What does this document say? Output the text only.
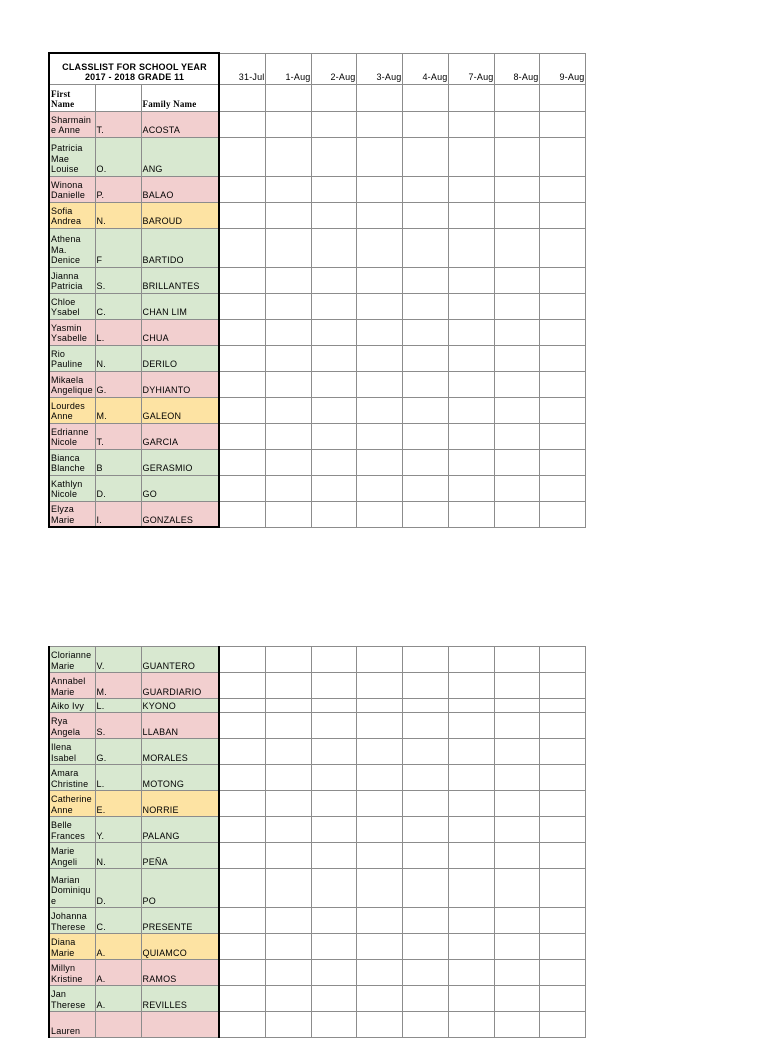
CLASSLIST FOR SCHOOL YEAR 2017 - 2018 GRADE 11			31-Jul	1-Aug	2-Aug	3-Aug	4-Aug	7-Aug	8-Aug	9-Aug
First Name		Family Name								
Sharmain e Anne	T.	ACOSTA								
Patricia Mae Louise	O.	ANG								
Winona Danielle	P.	BALAO								
Sofia Andrea	N.	BAROUD								
Athena Ma. Denice	F	BARTIDO								
Jianna Patricia	S.	BRILLANTES								
Chloe Ysabel	C.	CHAN LIM								
Yasmin Ysabelle	L.	CHUA								
Rio Pauline	N.	DERILO								
Mikaela Angelique	G.	DYHIANTO								
Lourdes Anne	M.	GALEON								
Edrianne Nicole	T.	GARCIA								
Bianca Blanche	B	GERASMIO								
Kathlyn Nicole	D.	GO								
Elyza Marie	I.	GONZALES								
Clorianne Marie	V.	GUANTERO								
Annabel Marie	M.	GUARDIARIO								
Aiko Ivy	L.	KYONO								
Rya Angela	S.	LLABAN								
Ilena Isabel	G.	MORALES								
Amara Christine	L.	MOTONG								
Catherine Anne	E.	NORRIE								
Belle Frances	Y.	PALANG								
Marie Angeli	N.	PEÑA								
Marian Dominiqu e	D.	PO								
Johanna Therese	C.	PRESENTE								
Diana Marie	A.	QUIAMCO								
Millyn Kristine	A.	RAMOS								
Jan Therese	A.	REVILLES								
Lauren										
